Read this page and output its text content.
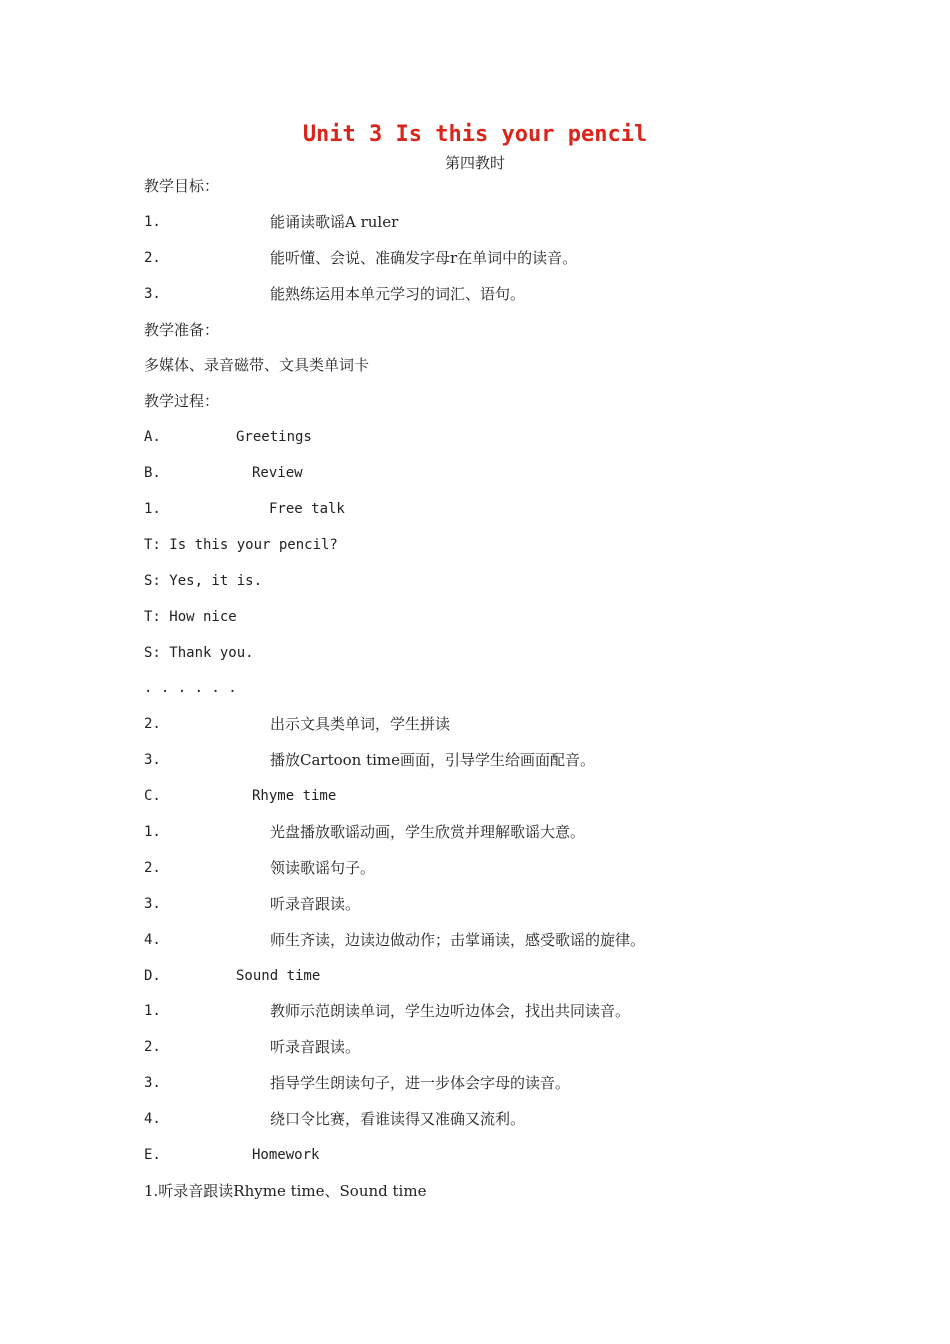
Unit 3 Is this your pencil
第四教时
教学目标：
1.	能诵读歌谣A ruler
2.	能听懂、会说、准确发字母r在单词中的读音。
3.	能熟练运用本单元学习的词汇、语句。
教学准备：
多媒体、录音磁带、文具类单词卡
教学过程：
A.	Greetings
B.	Review
1.	Free talk
T: Is this your pencil?
S: Yes, it is.
T: How nice
S: Thank you.
. . . . . .
2.	出示文具类单词，学生拼读
3.	播放Cartoon time画面，引导学生给画面配音。
C.	Rhyme time
1.	光盘播放歌谣动画，学生欣赏并理解歌谣大意。
2.	领读歌谣句子。
3.	听录音跟读。
4.	师生齐读，边读边做动作；击掌诵读，感受歌谣的旋律。
D.	Sound time
1.	教师示范朗读单词，学生边听边体会，找出共同读音。
2.	听录音跟读。
3.	指导学生朗读句子，进一步体会字母的读音。
4.	绕口令比赛，看谁读得又准确又流利。
E.	Homework
1.听录音跟读Rhyme time、Sound time
